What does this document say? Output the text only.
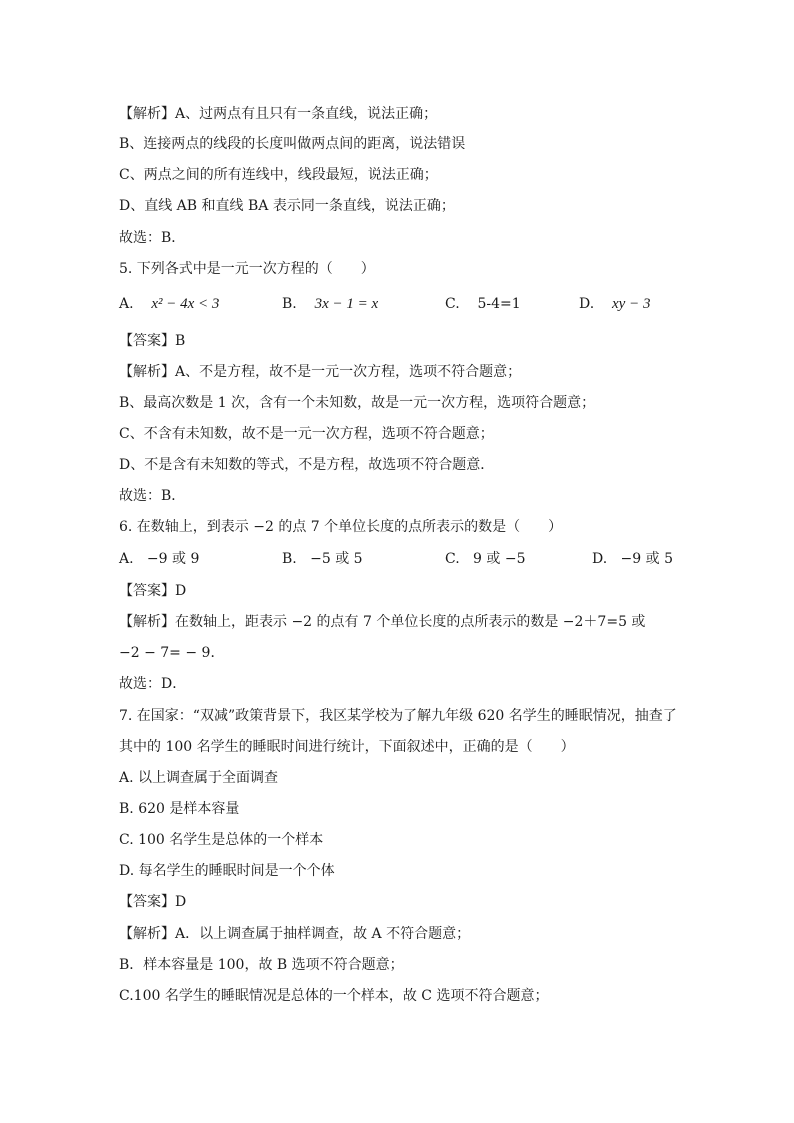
【解析】A、过两点有且只有一条直线，说法正确；
B、连接两点的线段的长度叫做两点间的距离，说法错误
C、两点之间的所有连线中，线段最短，说法正确；
D、直线 AB 和直线 BA 表示同一条直线，说法正确；
故选：B．
5. 下列各式中是一元一次方程的（　　）
A. x² − 4x < 3	B. 3x − 1 = x	C. 5-4=1	D. xy − 3
【答案】B
【解析】A、不是方程，故不是一元一次方程，选项不符合题意；
B、最高次数是 1 次，含有一个未知数，故是一元一次方程，选项符合题意；
C、不含有未知数，故不是一元一次方程，选项不符合题意；
D、不是含有未知数的等式，不是方程，故选项不符合题意．
故选：B．
6. 在数轴上，到表示 −2 的点 7 个单位长度的点所表示的数是（　　）
A. −9 或 9	B. −5 或 5	C. 9 或 −5	D. −9 或 5
【答案】D
【解析】在数轴上，距表示 −2 的点有 7 个单位长度的点所表示的数是 −2＋7=5 或
−2 − 7= − 9．
故选：D．
7. 在国家：“双减”政策背景下，我区某学校为了解九年级 620 名学生的睡眠情况，抽查了
其中的 100 名学生的睡眠时间进行统计，下面叙述中，正确的是（　　）
A. 以上调查属于全面调查
B. 620 是样本容量
C. 100 名学生是总体的一个样本
D. 每名学生的睡眠时间是一个个体
【答案】D
【解析】A．以上调查属于抽样调查，故 A 不符合题意；
B．样本容量是 100，故 B 选项不符合题意；
C.100 名学生的睡眠情况是总体的一个样本，故 C 选项不符合题意；
